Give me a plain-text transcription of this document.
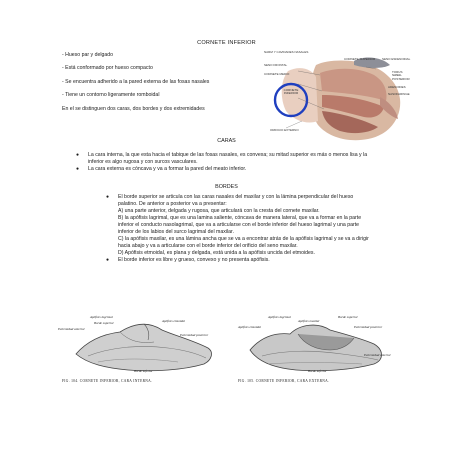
CORNETE INFERIOR

- Hueso par y delgado

- Está conformado por hueso compacto

- Se encuentra adherido a la pared externa de las fosas nasales

- Tiene un contorno ligeramente romboidal

En el se distinguen dos caras, dos bordes y dos extremidades

NARIZ Y CAVIDADES NASALES
CORNETE SUPERIOR SENO ESFENOIDAL
SENO FRONTAL
CORNETE MEDIO	TORUS NASAL POSTERIOR
ADENOIDES
NASOFARINGE
CORNETE INFERIOR
ORIFICIO EXTERNO
CARAS
●	La cara interna, la que esta hacia el tabique de las fosas nasales, es convexa; su mitad superior es más o menos lisa y la inferior es algo rugosa y con surcos vasculares.
●	La cara externa es cóncava y va a formar la pared del meato inferior.
BORDES
●	El borde superior se articula con las caras nasales del maxilar y con la lámina perpendicular del hueso palatino. De anterior a posterior va a presentar:
A) una parte anterior, delgada y rugosa, que articulará con la cresta del cornete maxilar.
B) la apófisis lagrimal, que es una lamina saliente, cóncava de manera lateral, que va a formar en la parte inferior el conducto nasolagrimal, que va a articularse con el borde inferior del hueso lagrimal y una parte inferior de los labios del surco lagrimal del maxilar.
C) la apófisis maxilar, es una lámina ancha que se va a encontrar atrás de la apófisis lagrimal y se va a dirigir hacia abajo y va a articularse con el borde inferior del orificio del seno maxilar.
D) Apófisis etmoidal, es plana y delgada, está unida a la apófisis uncida del etmoides.
●	El borde inferior es libre y grueso, convexo y no presenta apófisis.
Apófisis lagrimal
Borde superior	Apófisis etmoidal
Extremidad anterior
Extremidad posterior
Borde inferior
FIG. 104. CORNETE INFERIOR, CARA INTERNA.
Apófisis lagrimal
Apófisis maxilar
Borde superior
Apófisis etmoidal	Extremidad posterior
Extremidad anterior
Borde inferior
FIG. 105. CORNETE INFERIOR, CARA EXTERNA.
